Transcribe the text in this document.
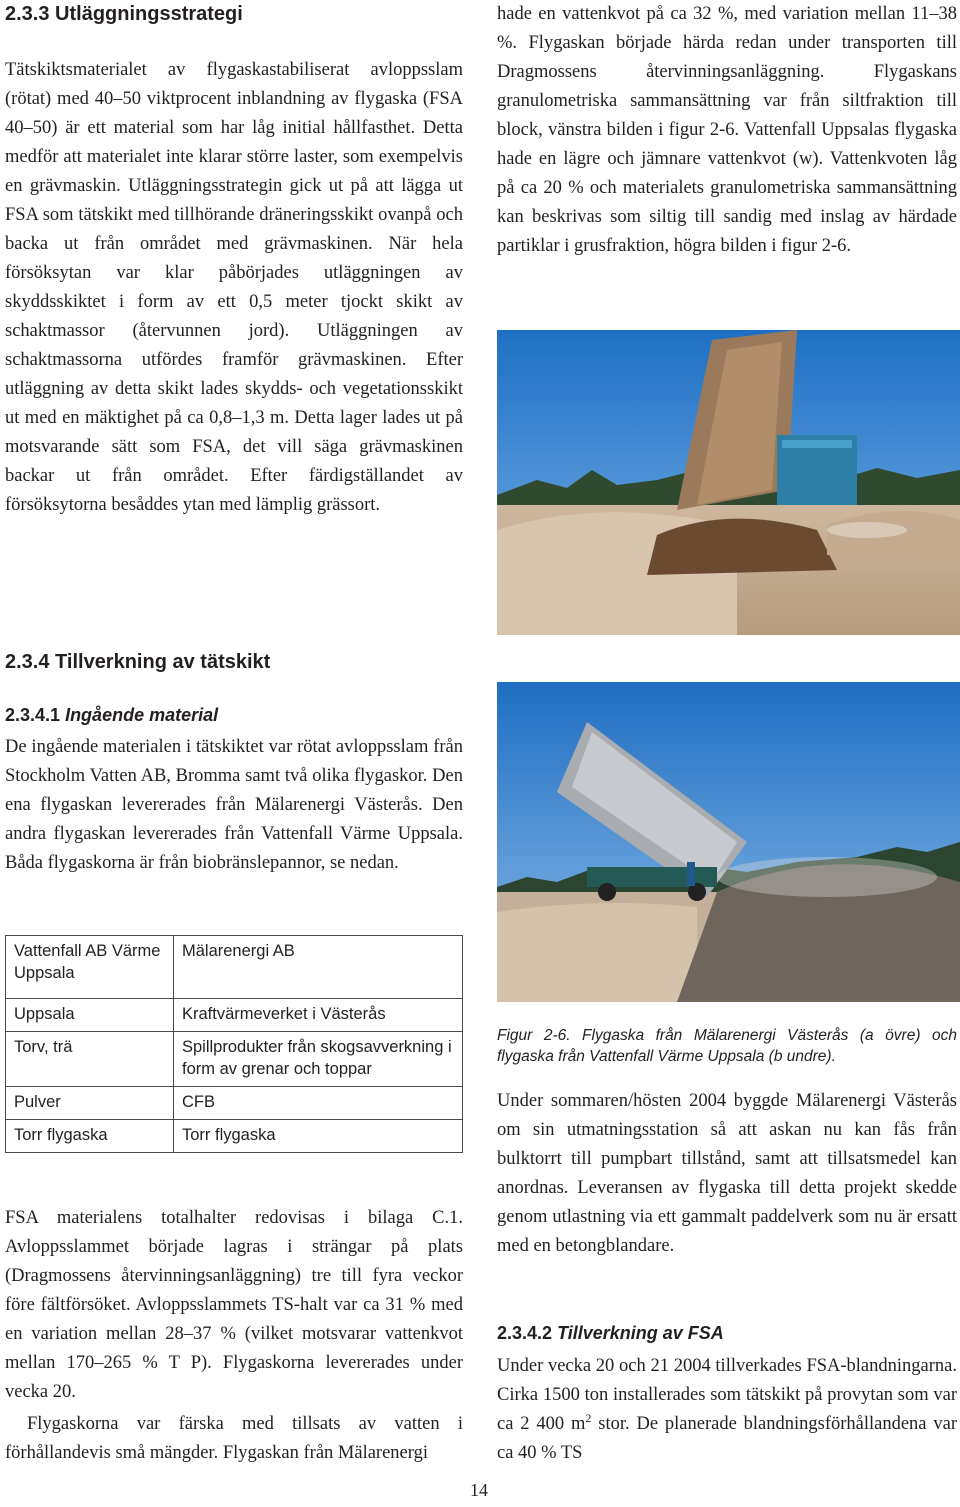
2.3.3 Utläggningsstrategi

Tätskiktsmaterialet av flygaskastabiliserat avloppsslam (rötat) med 40–50 viktprocent inblandning av flygaska (FSA 40–50) är ett material som har låg initial hållfasthet. Detta medför att materialet inte klarar större laster, som exempelvis en grävmaskin. Utläggningsstrategin gick ut på att lägga ut FSA som tätskikt med tillhörande dräneringsskikt ovanpå och backa ut från området med grävmaskinen. När hela försöksytan var klar påbörjades utläggningen av skyddsskiktet i form av ett 0,5 meter tjockt skikt av schaktmassor (återvunnen jord). Utläggningen av schaktmassorna utfördes framför grävmaskinen. Efter utläggning av detta skikt lades skydds- och vegetationsskikt ut med en mäktighet på ca 0,8–1,3 m. Detta lager lades ut på motsvarande sätt som FSA, det vill säga grävmaskinen backar ut från området. Efter färdigställandet av försöksytorna besåddes ytan med lämplig grässort.

2.3.4 Tillverkning av tätskikt
2.3.4.1 Ingående material

De ingående materialen i tätskiktet var rötat avloppsslam från Stockholm Vatten AB, Bromma samt två olika flygaskor. Den ena flygaskan levererades från Mälarenergi Västerås. Den andra flygaskan levererades från Vattenfall Värme Uppsala. Båda flygaskorna är från biobränslepannor, se nedan.

Vattenfall AB Värme Uppsala	Mälarenergi AB
Uppsala	Kraftvärmeverket i Västerås
Torv, trä	Spillprodukter från skogsavverkning i form av grenar och toppar
Pulver	CFB
Torr flygaska	Torr flygaska

FSA materialens totalhalter redovisas i bilaga C.1. Avloppsslammet började lagras i strängar på plats (Dragmossens återvinningsanläggning) tre till fyra veckor före fältförsöket. Avloppsslammets TS-halt var ca 31 % med en variation mellan 28–37 % (vilket motsvarar vattenkvot mellan 170–265 % T P). Flygaskorna levererades under vecka 20.

Flygaskorna var färska med tillsats av vatten i förhållandevis små mängder. Flygaskan från Mälarenergi

hade en vattenkvot på ca 32 %, med variation mellan 11–38 %. Flygaskan började härda redan under transporten till Dragmossens återvinningsanläggning. Flygaskans granulometriska sammansättning var från siltfraktion till block, vänstra bilden i figur 2-6. Vattenfall Uppsalas flygaska hade en lägre och jämnare vattenkvot (w). Vattenkvoten låg på ca 20 % och materialets granulometriska sammansättning kan beskrivas som siltig till sandig med inslag av härdade partiklar i grusfraktion, högra bilden i figur 2-6.

Figur 2-6. Flygaska från Mälarenergi Västerås (a övre) och flygaska från Vattenfall Värme Uppsala (b undre).

Under sommaren/hösten 2004 byggde Mälarenergi Västerås om sin utmatningsstation så att askan nu kan fås från bulktorrt till pumpbart tillstånd, samt att tillsatsmedel kan anordnas. Leveransen av flygaska till detta projekt skedde genom utlastning via ett gammalt paddelverk som nu är ersatt med en betongblandare.

2.3.4.2 Tillverkning av FSA

Under vecka 20 och 21 2004 tillverkades FSA-blandningarna. Cirka 1500 ton installerades som tätskikt på provytan som var ca 2 400 $m^2$ stor. De planerade blandningsförhållandena var ca 40 % TS

14
